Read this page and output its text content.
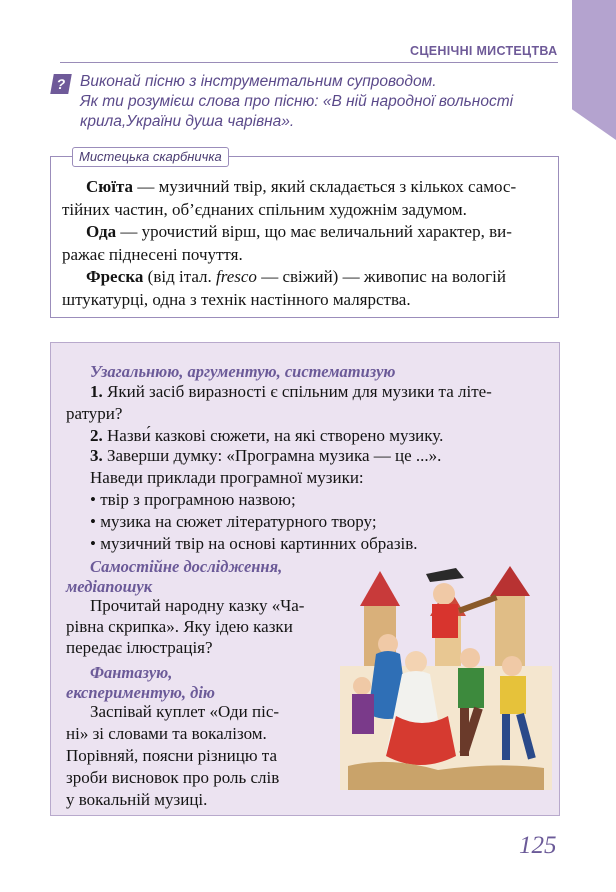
СЦЕНІЧНІ МИСТЕЦТВА
? Виконай пісню з інструментальним супроводом.
Як ти розумієш слова про пісню: «В ній народної вольності
крила,України душа чарівна».
Мистецька скарбничка
Сюїта — музичний твір, який складається з кількох самос-
тійних частин, об’єднаних спільним художнім задумом.
Ода — урочистий вірш, що має величальний характер, ви-
ражає піднесені почуття.
Фреска (від італ. fresco — свіжий) — живопис на вологій
штукатурці, одна з технік настінного малярства.
Узагальнюю, аргументую, систематизую
1. Який засіб виразності є спільним для музики та літе-
ратури?
2. Назви́ казкові сюжети, на які створено музику.
3. Заверши думку: «Програмна музика — це ...».
Наведи приклади програмної музики:
• твір з програмною назвою;
• музика на сюжет літературного твору;
• музичний твір на основі картинних образів.
Самостійне дослідження,
медіапошук
Прочитай народну казку «Ча-
рівна скрипка». Яку ідею казки
передає ілюстрація?
Фантазую,
експериментую, дію
Заспівай куплет «Оди піс-
ні» зі словами та вокалізом.
Порівняй, поясни різницю та
зроби висновок про роль слів
у вокальній музиці.
125
